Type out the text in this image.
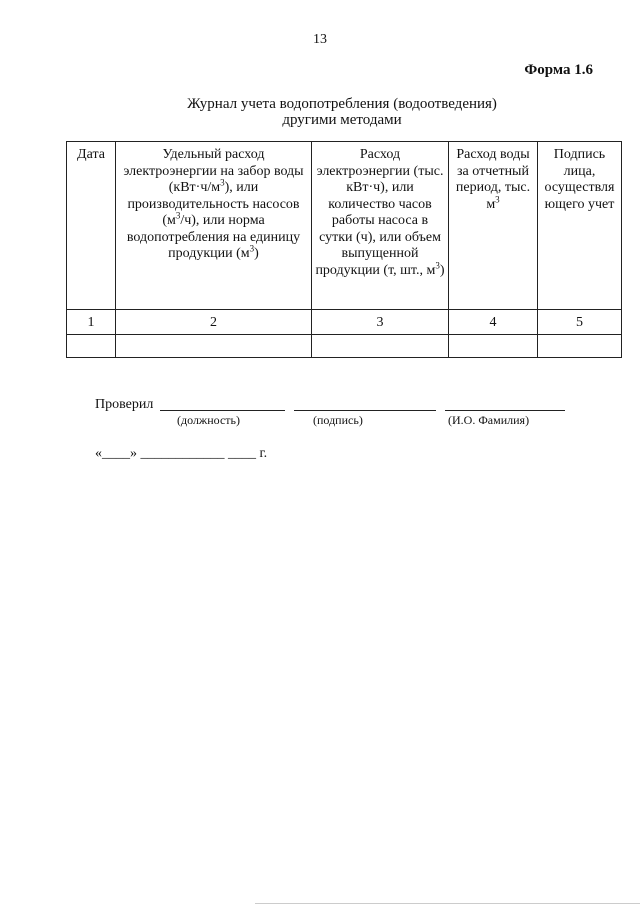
13
Форма 1.6
Журнал учета водопотребления (водоотведения)
другими методами
Дата	Удельный расход электроэнергии на забор воды $(кВт\cdot ч/м^3)$, или производительность насосов $(м^3/ч)$, или норма водопотребления на единицу продукции $(м^3)$	Расход электроэнергии (тыс. кВт·ч), или количество часов работы насоса в сутки (ч), или объем выпущенной продукции (т, шт., $м^3$)	Расход воды за отчетный период, тыс. $м^3$	Подпись лица, осуществля ющего учет
1	2	3	4	5

Проверил
(должность)	(подпись)	(И.О. Фамилия)
«____» ____________ ____ г.
